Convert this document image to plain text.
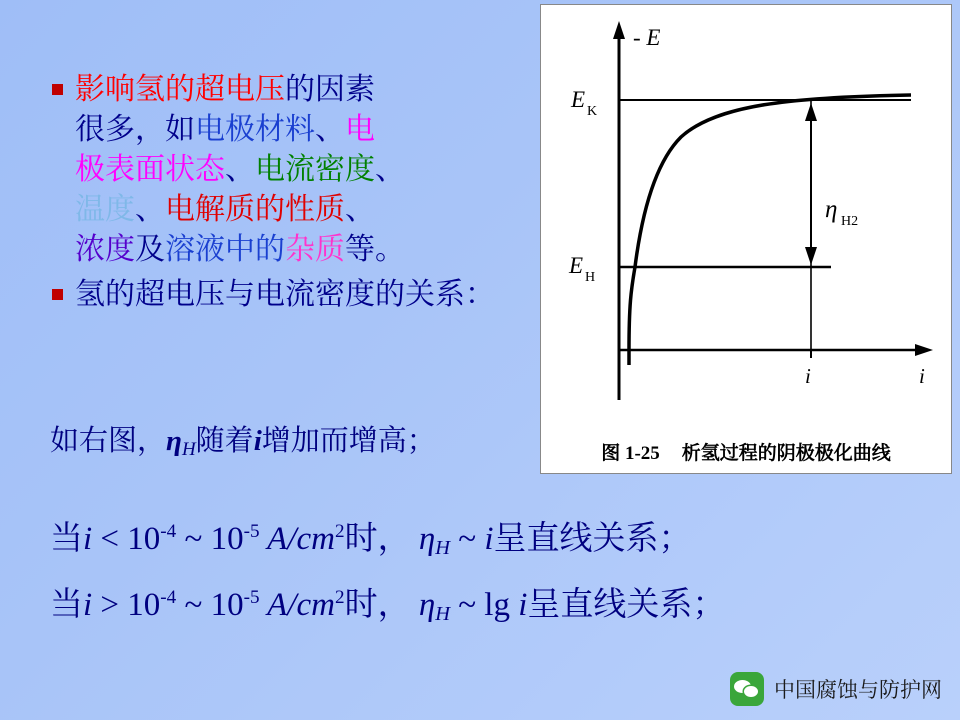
影响氢的超电压的因素
很多，如电极材料、电
极表面状态、电流密度、
温度、电解质的性质、
浓度及溶液中的杂质等。
氢的超电压与电流密度的关系：
如右图，$\eta_H$随着i增加而增高；
当$i < 10^{-4}$ ~ $10^{-5}$ $A/cm^2$时， ηH ~ i呈直线关系；
当$i > 10^{-4}$ ~ $10^{-5}$ $A/cm^2$时， ηH ~ lg i呈直线关系；
- E
E K
E H
η H2
i	i
图 1-25 析氢过程的阴极极化曲线
中国腐蚀与防护网
